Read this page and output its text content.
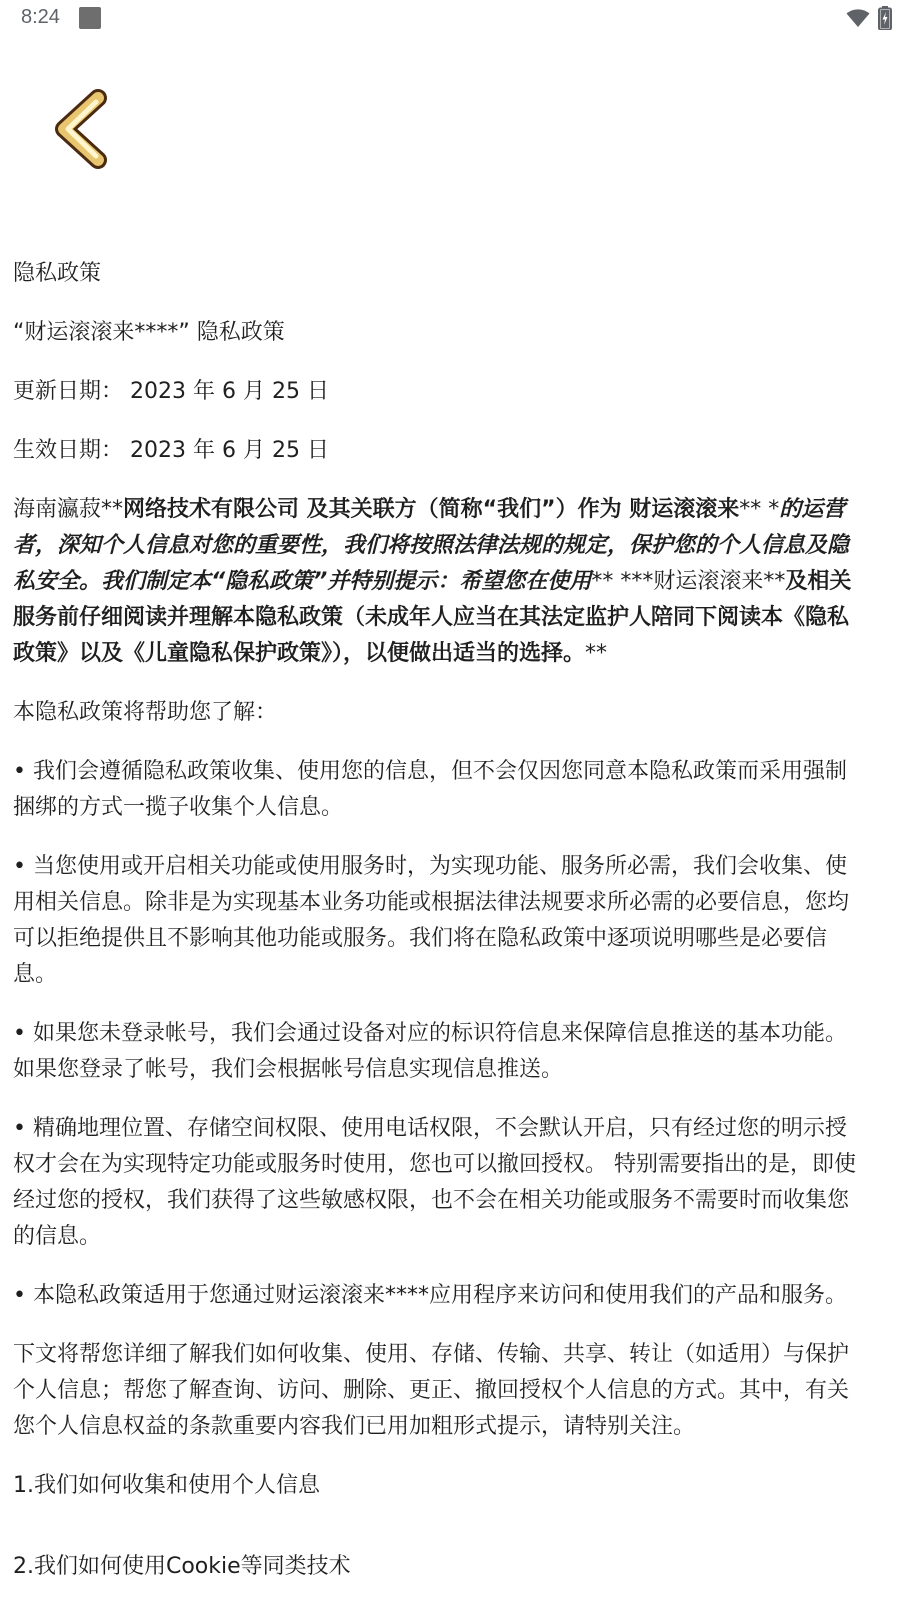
8:24

隐私政策

“财运滚滚来****” 隐私政策

更新日期： 2023 年 6 月 25 日

生效日期： 2023 年 6 月 25 日

海南瀛菽**网络技术有限公司 及其关联方（简称“我们”）作为 财运滚滚来** *的运营者，深知个人信息对您的重要性，我们将按照法律法规的规定，保护您的个人信息及隐私安全。我们制定本“隐私政策”并特别提示：希望您在使用** ***财运滚滚来**及相关服务前仔细阅读并理解本隐私政策（未成年人应当在其法定监护人陪同下阅读本《隐私政策》以及《儿童隐私保护政策》），以便做出适当的选择。**

本隐私政策将帮助您了解：

• 我们会遵循隐私政策收集、使用您的信息，但不会仅因您同意本隐私政策而采用强制捆绑的方式一揽子收集个人信息。

• 当您使用或开启相关功能或使用服务时，为实现功能、服务所必需，我们会收集、使用相关信息。除非是为实现基本业务功能或根据法律法规要求所必需的必要信息，您均可以拒绝提供且不影响其他功能或服务。我们将在隐私政策中逐项说明哪些是必要信息。

• 如果您未登录帐号，我们会通过设备对应的标识符信息来保障信息推送的基本功能。如果您登录了帐号，我们会根据帐号信息实现信息推送。

• 精确地理位置、存储空间权限、使用电话权限，不会默认开启，只有经过您的明示授权才会在为实现特定功能或服务时使用，您也可以撤回授权。 特别需要指出的是，即使经过您的授权，我们获得了这些敏感权限，也不会在相关功能或服务不需要时而收集您的信息。

• 本隐私政策适用于您通过财运滚滚来****应用程序来访问和使用我们的产品和服务。

下文将帮您详细了解我们如何收集、使用、存储、传输、共享、转让（如适用）与保护个人信息；帮您了解查询、访问、删除、更正、撤回授权个人信息的方式。其中，有关您个人信息权益的条款重要内容我们已用加粗形式提示，请特别关注。

1.我们如何收集和使用个人信息

2.我们如何使用Cookie等同类技术
